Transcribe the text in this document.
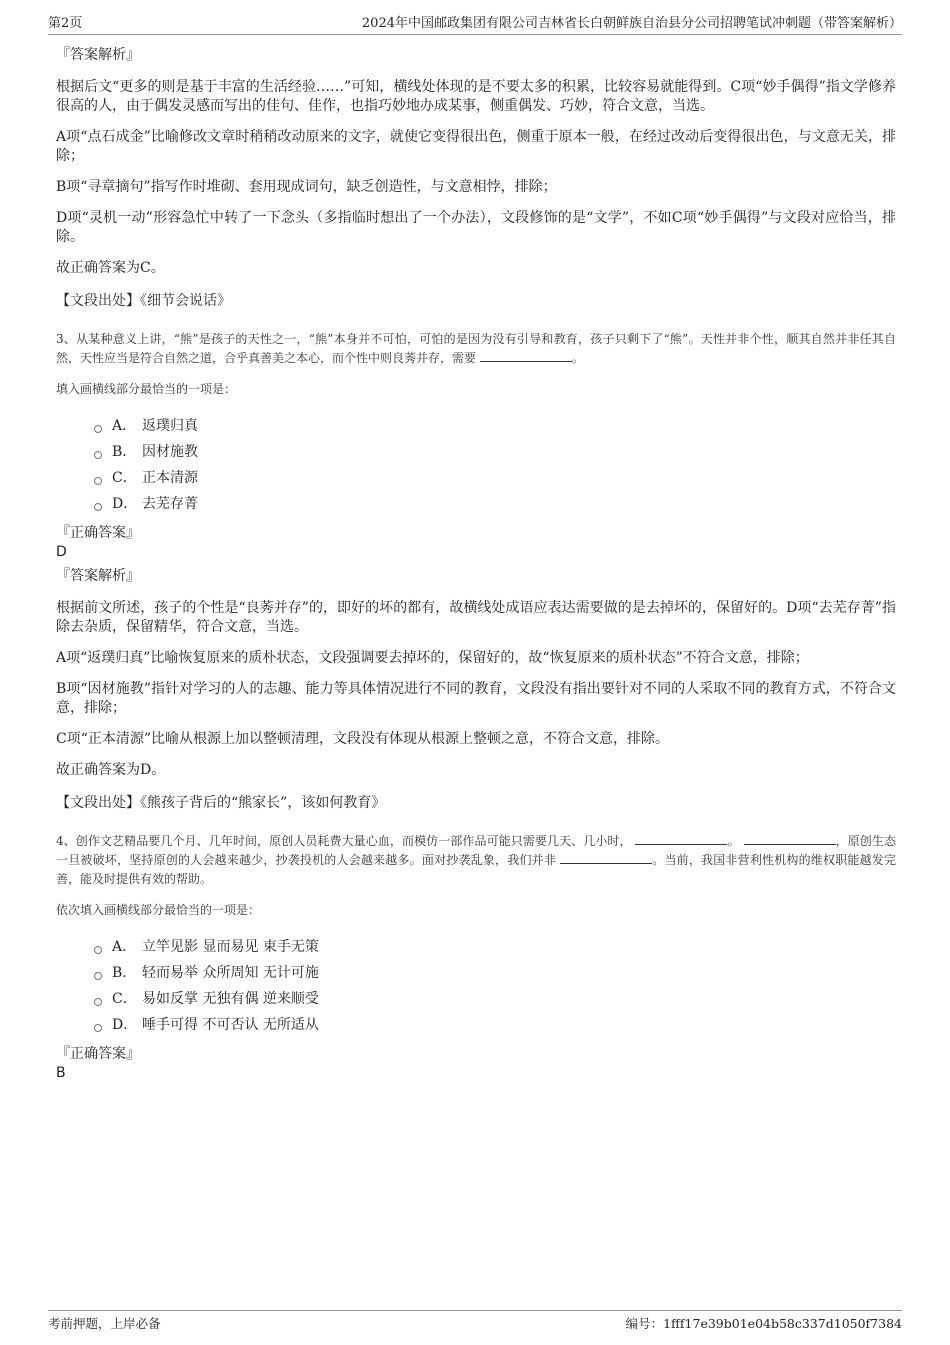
第2页	2024年中国邮政集团有限公司吉林省长白朝鲜族自治县分公司招聘笔试冲刺题（带答案解析）

『答案解析』

根据后文“更多的则是基于丰富的生活经验……”可知，横线处体现的是不要太多的积累，比较容易就能得到。C项“妙手偶得”指文学修养很高的人，由于偶发灵感而写出的佳句、佳作，也指巧妙地办成某事，侧重偶发、巧妙，符合文意，当选。

A项“点石成金”比喻修改文章时稍稍改动原来的文字，就使它变得很出色，侧重于原本一般，在经过改动后变得很出色，与文意无关，排除；

B项“寻章摘句”指写作时堆砌、套用现成词句，缺乏创造性，与文意相悖，排除；

D项“灵机一动”形容急忙中转了一下念头（多指临时想出了一个办法），文段修饰的是“文学”，不如C项“妙手偶得”与文段对应恰当，排除。

故正确答案为C。

【文段出处】《细节会说话》

3、从某种意义上讲，“熊”是孩子的天性之一，“熊”本身并不可怕，可怕的是因为没有引导和教育，孩子只剩下了“熊”。天性并非个性，顺其自然并非任其自然，天性应当是符合自然之道，合乎真善美之本心，而个性中则良莠并存，需要	。

填入画横线部分最恰当的一项是：

A． 返璞归真
B． 因材施教
C． 正本清源
D． 去芜存菁

『正确答案』

D

『答案解析』

根据前文所述，孩子的个性是“良莠并存”的，即好的坏的都有，故横线处成语应表达需要做的是去掉坏的，保留好的。D项“去芜存菁”指除去杂质，保留精华，符合文意，当选。

A项“返璞归真”比喻恢复原来的质朴状态，文段强调要去掉坏的，保留好的，故“恢复原来的质朴状态”不符合文意，排除；

B项“因材施教”指针对学习的人的志趣、能力等具体情况进行不同的教育，文段没有指出要针对不同的人采取不同的教育方式，不符合文意，排除；

C项“正本清源”比喻从根源上加以整顿清理，文段没有体现从根源上整顿之意，不符合文意，排除。

故正确答案为D。

【文段出处】《熊孩子背后的“熊家长”，该如何教育》

4、创作文艺精品要几个月、几年时间，原创人员耗费大量心血，而模仿一部作品可能只需要几天、几小时，	。	，原创生态一旦被破坏，坚持原创的人会越来越少，抄袭投机的人会越来越多。面对抄袭乱象，我们并非	。当前，我国非营利性机构的维权职能越发完善，能及时提供有效的帮助。

依次填入画横线部分最恰当的一项是：

A． 立竿见影 显而易见 束手无策
B． 轻而易举 众所周知 无计可施
C． 易如反掌 无独有偶 逆来顺受
D． 唾手可得 不可否认 无所适从

『正确答案』

B

考前押题，上岸必备	编号：1fff17e39b01e04b58c337d1050f7384
